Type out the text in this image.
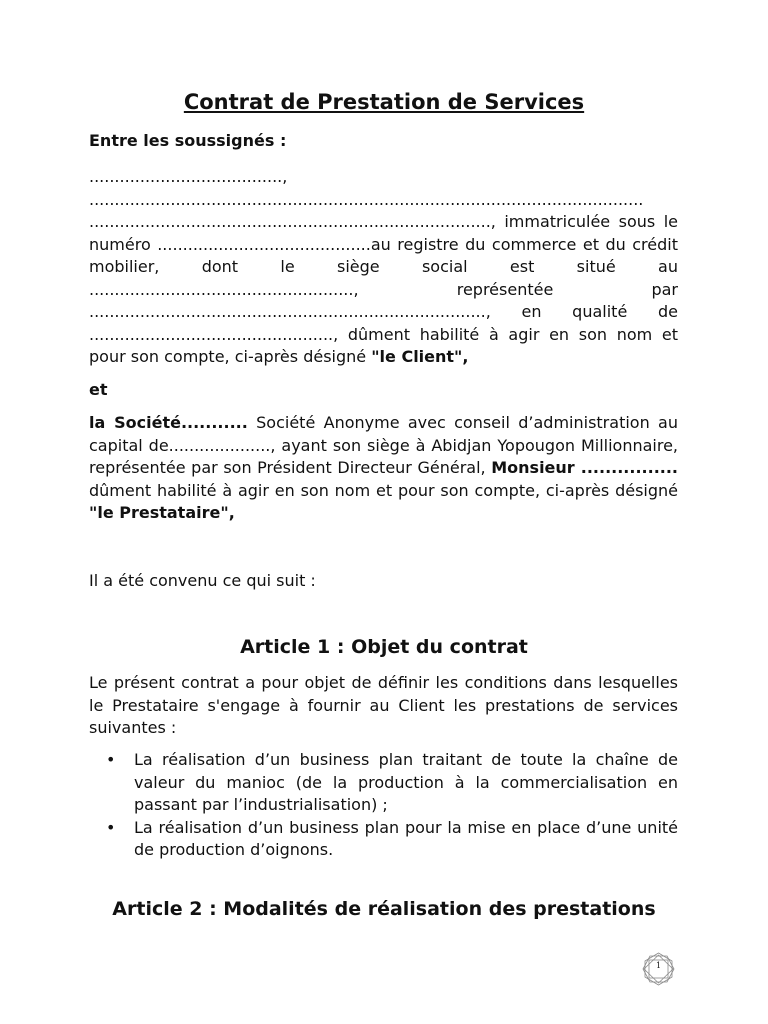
Contrat de Prestation de Services

Entre les soussignés :

......................................,

.............................................................................................................

..............................................................................., immatriculée sous le numéro ..........................................au registre du commerce et du crédit mobilier, dont le siège social est situé au ...................................................., représentée par .............................................................................., en qualité de ................................................, dûment habilité à agir en son nom et pour son compte, ci-après désigné "le Client",

et

la Société........... Société Anonyme avec conseil d’administration au capital de...................., ayant son siège à Abidjan Yopougon Millionnaire, représentée par son Président Directeur Général, Monsieur ................ dûment habilité à agir en son nom et pour son compte, ci-après désigné "le Prestataire",

Il a été convenu ce qui suit :

Article 1 : Objet du contrat

Le présent contrat a pour objet de définir les conditions dans lesquelles le Prestataire s'engage à fournir au Client les prestations de services suivantes :

• La réalisation d’un business plan traitant de toute la chaîne de valeur du manioc (de la production à la commercialisation en passant par l’industrialisation) ;
• La réalisation d’un business plan pour la mise en place d’une unité de production d’oignons.
Article 2 : Modalités de réalisation des prestations
1
